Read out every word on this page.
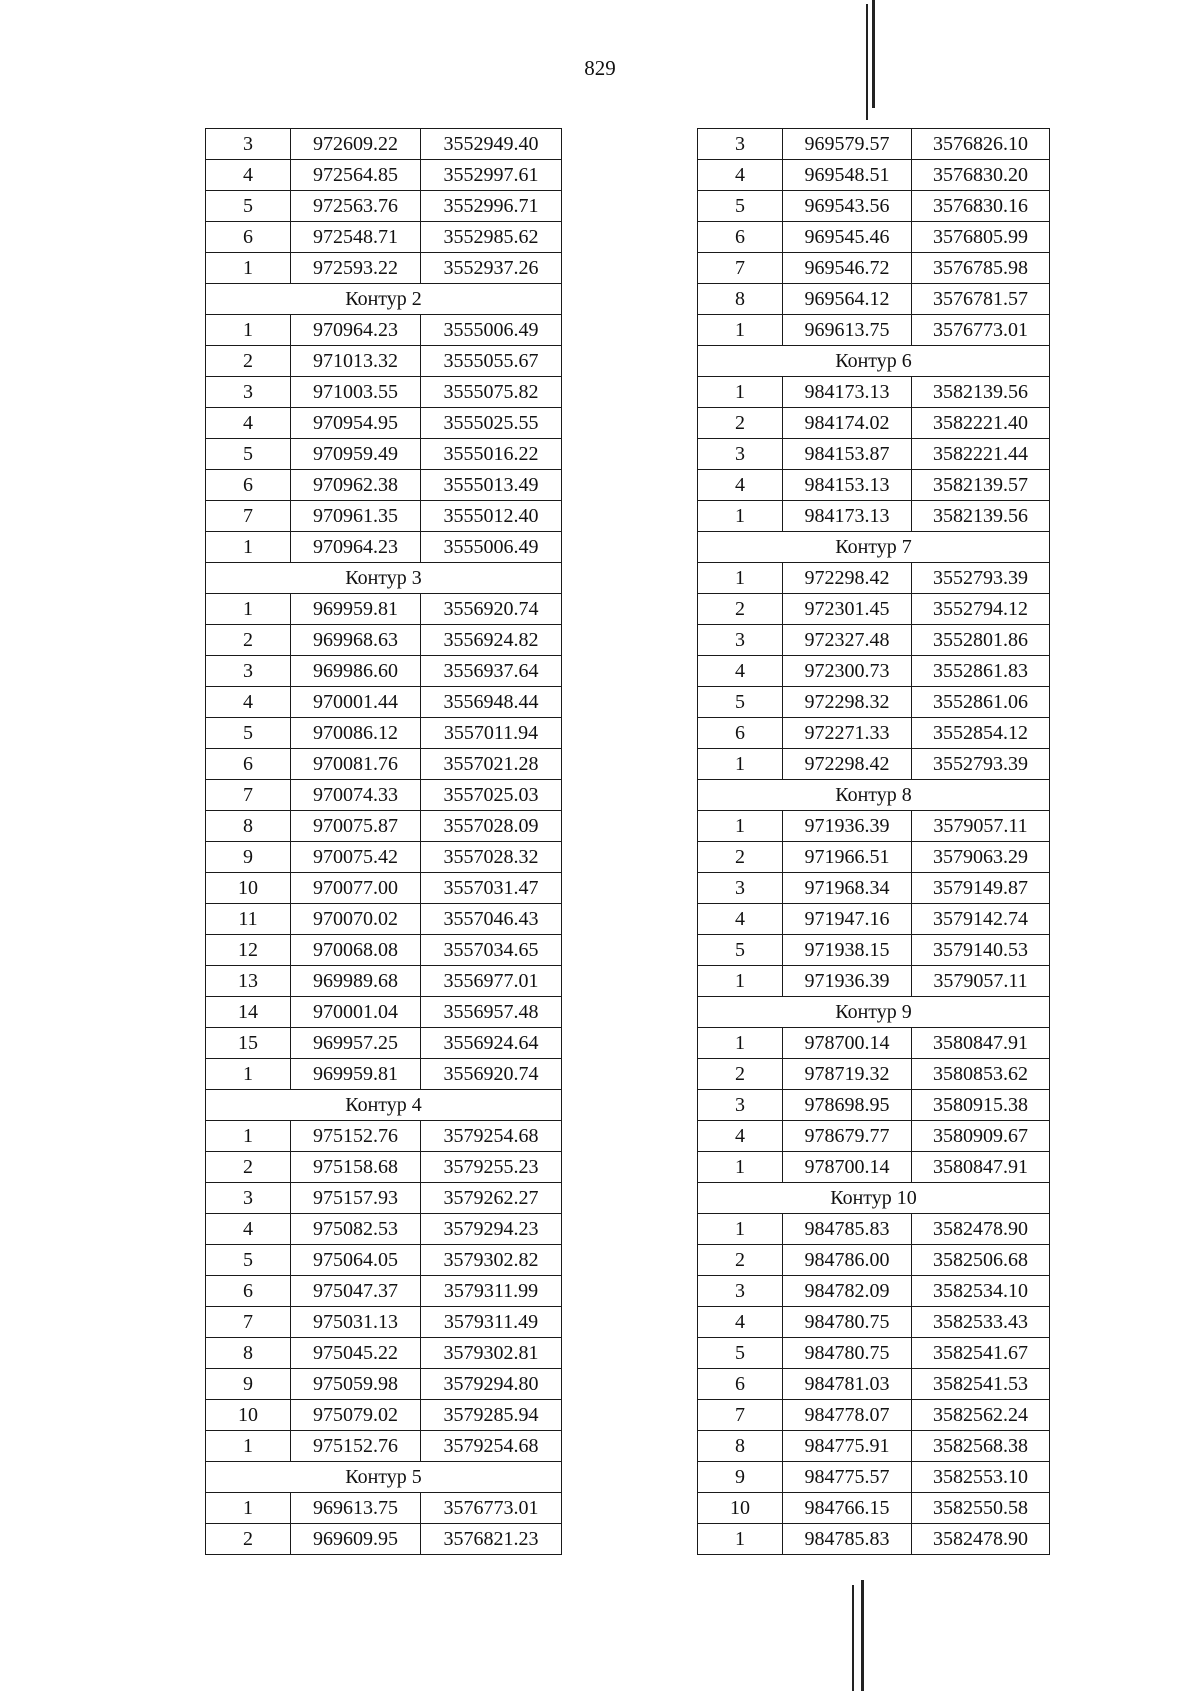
829
3	972609.22	3552949.40
4	972564.85	3552997.61
5	972563.76	3552996.71
6	972548.71	3552985.62
1	972593.22	3552937.26
Контур 2		
1	970964.23	3555006.49
2	971013.32	3555055.67
3	971003.55	3555075.82
4	970954.95	3555025.55
5	970959.49	3555016.22
6	970962.38	3555013.49
7	970961.35	3555012.40
1	970964.23	3555006.49
Контур 3		
1	969959.81	3556920.74
2	969968.63	3556924.82
3	969986.60	3556937.64
4	970001.44	3556948.44
5	970086.12	3557011.94
6	970081.76	3557021.28
7	970074.33	3557025.03
8	970075.87	3557028.09
9	970075.42	3557028.32
10	970077.00	3557031.47
11	970070.02	3557046.43
12	970068.08	3557034.65
13	969989.68	3556977.01
14	970001.04	3556957.48
15	969957.25	3556924.64
1	969959.81	3556920.74
Контур 4		
1	975152.76	3579254.68
2	975158.68	3579255.23
3	975157.93	3579262.27
4	975082.53	3579294.23
5	975064.05	3579302.82
6	975047.37	3579311.99
7	975031.13	3579311.49
8	975045.22	3579302.81
9	975059.98	3579294.80
10	975079.02	3579285.94
1	975152.76	3579254.68
Контур 5		
1	969613.75	3576773.01
2	969609.95	3576821.23
3	969579.57	3576826.10
4	969548.51	3576830.20
5	969543.56	3576830.16
6	969545.46	3576805.99
7	969546.72	3576785.98
8	969564.12	3576781.57
1	969613.75	3576773.01
Контур 6		
1	984173.13	3582139.56
2	984174.02	3582221.40
3	984153.87	3582221.44
4	984153.13	3582139.57
1	984173.13	3582139.56
Контур 7		
1	972298.42	3552793.39
2	972301.45	3552794.12
3	972327.48	3552801.86
4	972300.73	3552861.83
5	972298.32	3552861.06
6	972271.33	3552854.12
1	972298.42	3552793.39
Контур 8		
1	971936.39	3579057.11
2	971966.51	3579063.29
3	971968.34	3579149.87
4	971947.16	3579142.74
5	971938.15	3579140.53
1	971936.39	3579057.11
Контур 9		
1	978700.14	3580847.91
2	978719.32	3580853.62
3	978698.95	3580915.38
4	978679.77	3580909.67
1	978700.14	3580847.91
Контур 10		
1	984785.83	3582478.90
2	984786.00	3582506.68
3	984782.09	3582534.10
4	984780.75	3582533.43
5	984780.75	3582541.67
6	984781.03	3582541.53
7	984778.07	3582562.24
8	984775.91	3582568.38
9	984775.57	3582553.10
10	984766.15	3582550.58
1	984785.83	3582478.90
